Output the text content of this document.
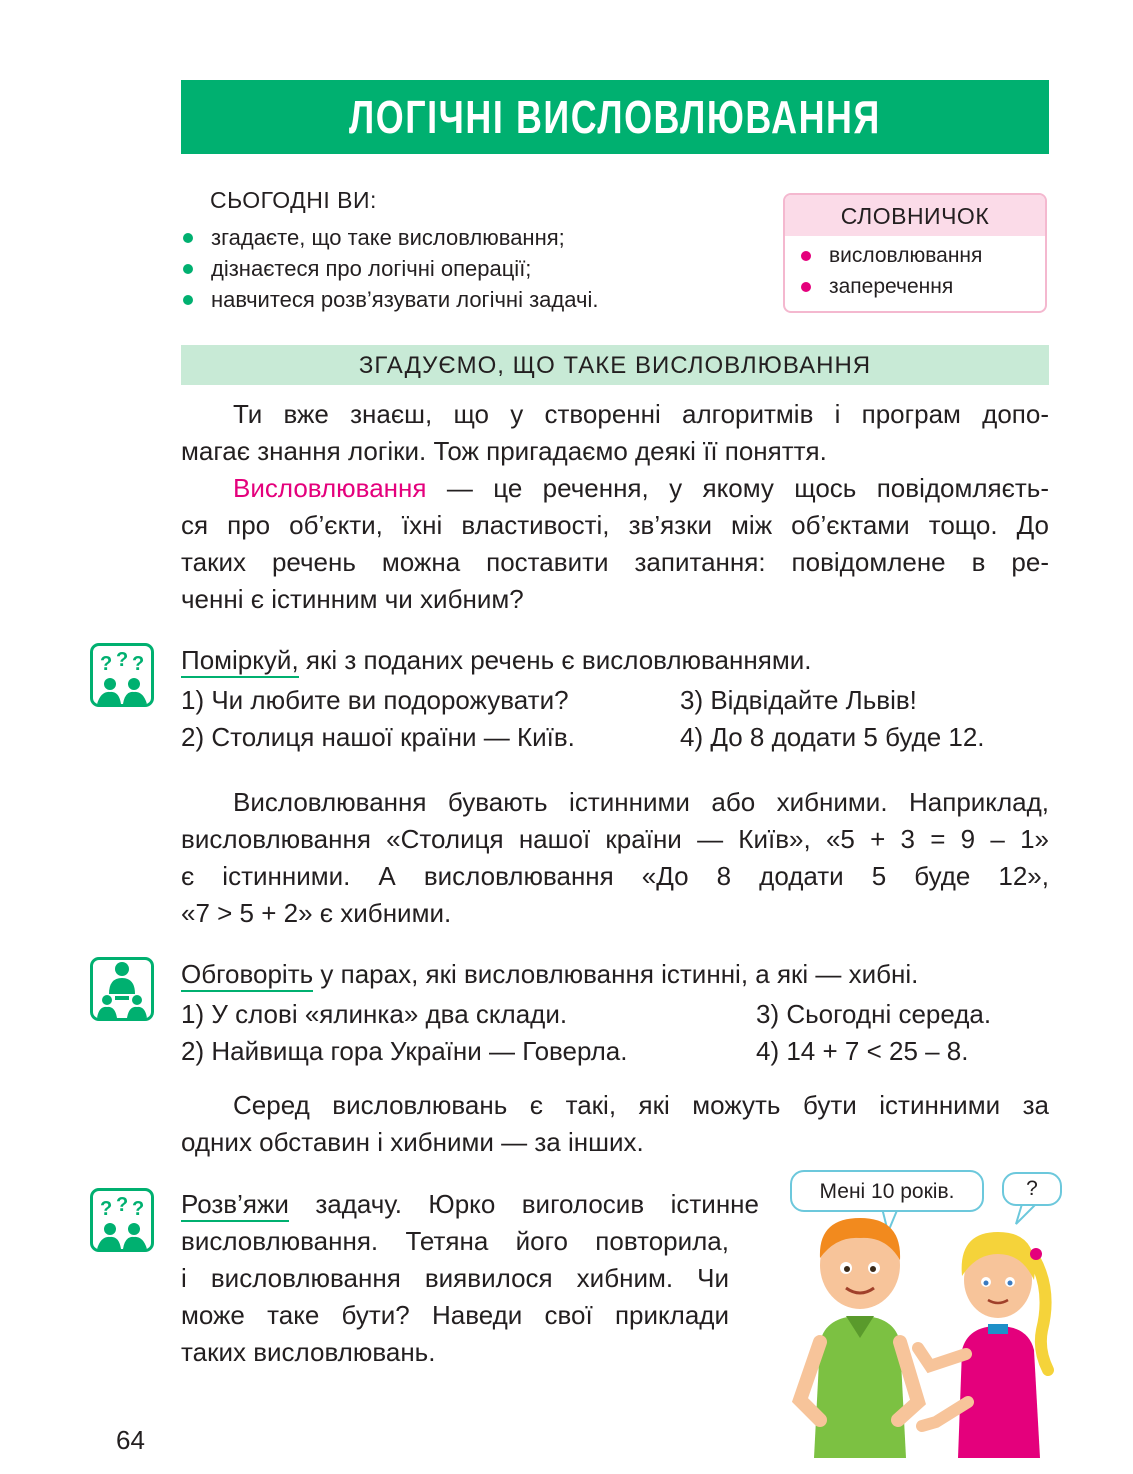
ЛОГІЧНІ ВИСЛОВЛЮВАННЯ
СЬОГОДНІ ВИ:
згадаєте, що таке висловлювання;
дізнаєтеся про логічні операції;
навчитеся розв’язувати логічні задачі.
СЛОВНИЧОК
висловлювання
заперечення
ЗГАДУЄМО, ЩО ТАКЕ ВИСЛОВЛЮВАННЯ
Ти вже знаєш, що у створенні алгоритмів і програм допо-
магає знання логіки. Тож пригадаємо деякі її поняття.
Висловлювання — це речення, у якому щось повідомляєть-
ся про об’єкти, їхні властивості, зв’язки між об’єктами тощо. До
таких речень можна поставити запитання: повідомлене в ре-
ченні є істинним чи хибним?
? ? ? Поміркуй, які з поданих речень є висловлюваннями.
1) Чи любите ви подорожувати?	3) Відвідайте Львів!
2) Столиця нашої країни — Київ.	4) До 8 додати 5 буде 12.
Висловлювання бувають істинними або хибними. Наприклад,
висловлювання «Столиця нашої країни — Київ», «5 + 3 = 9 – 1»
є істинними. А висловлювання «До 8 додати 5 буде 12»,
«7 > 5 + 2» є хибними.
Обговоріть у парах, які висловлювання істинні, а які — хибні.
1) У слові «ялинка» два склади.	3) Сьогодні середа.
2) Найвища гора України — Говерла.	4) 14 + 7 < 25 – 8.
Серед висловлювань є такі, які можуть бути істинними за
одних обставин і хибними — за інших.
? ? ? Розв’яжи задачу. Юрко виголосив істинне
висловлювання. Тетяна його повторила,
і висловлювання виявилося хибним. Чи
може таке бути? Наведи свої приклади
таких висловлювань.
Мені 10 років.	?
64
